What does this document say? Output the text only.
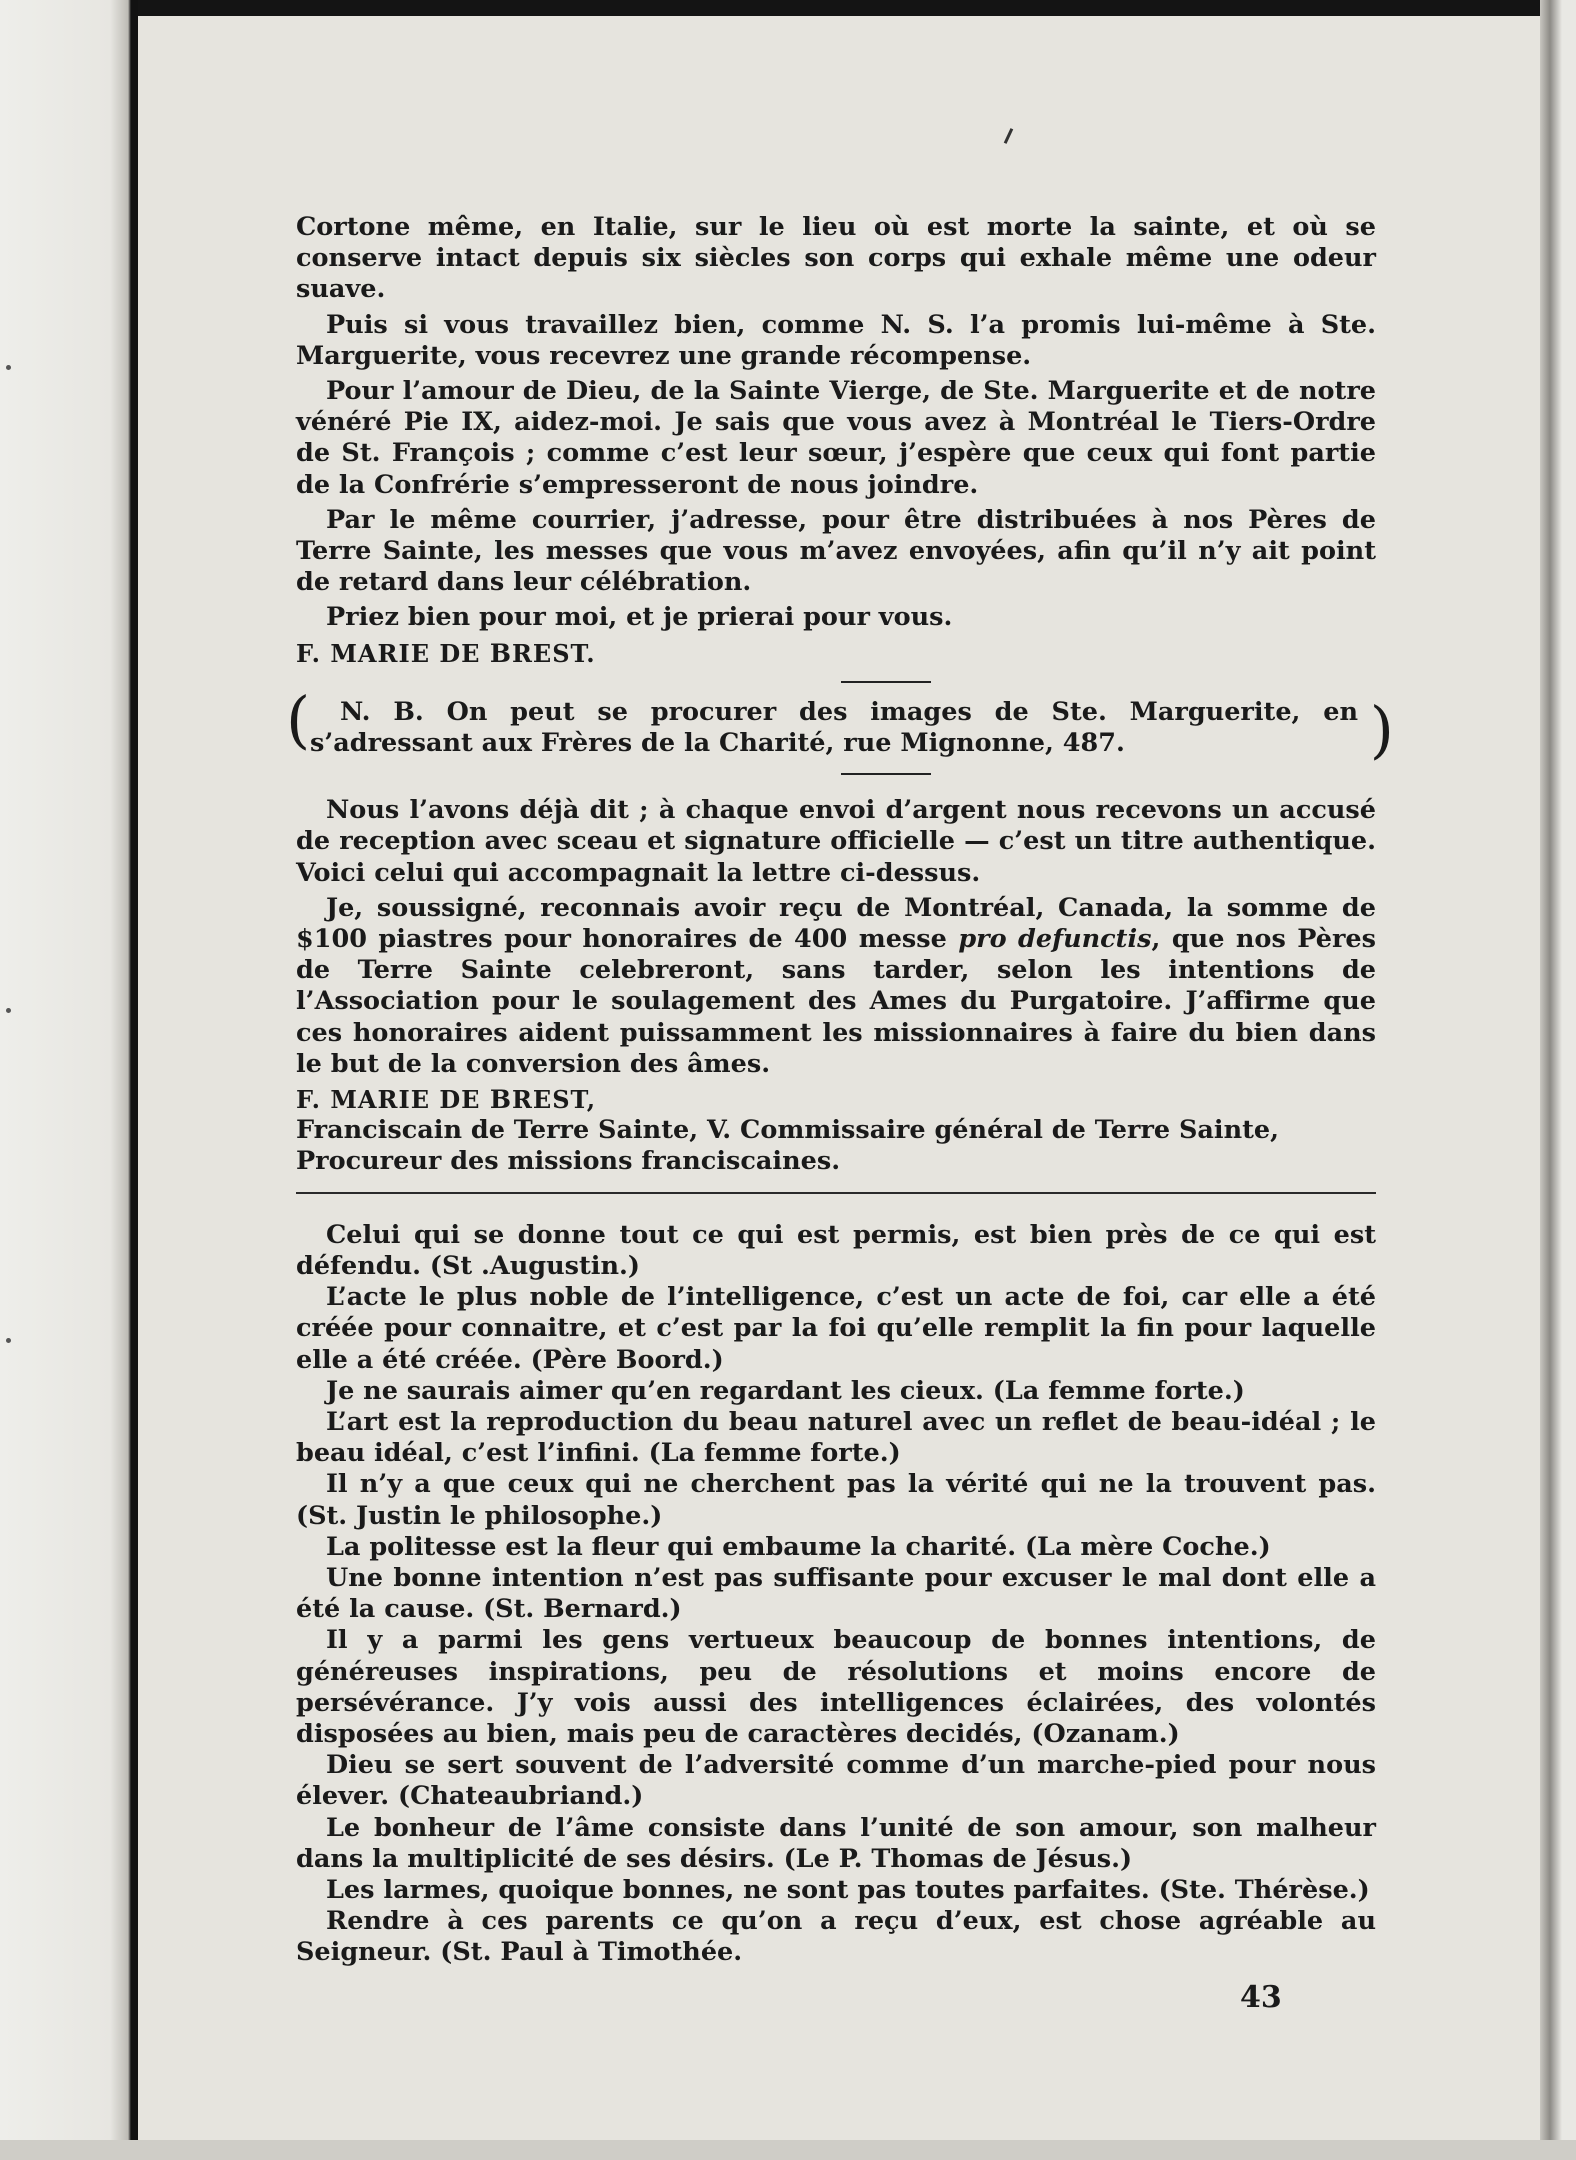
Cortone même, en Italie, sur le lieu où est morte la sainte, et où se conserve intact depuis six siècles son corps qui exhale même une odeur suave.

Puis si vous travaillez bien, comme N. S. l’a promis lui-même à Ste. Marguerite, vous recevrez une grande récompense.

Pour l’amour de Dieu, de la Sainte Vierge, de Ste. Marguerite et de notre vénéré Pie IX, aidez-moi. Je sais que vous avez à Montréal le Tiers-Ordre de St. François ; comme c’est leur sœur, j’espère que ceux qui font partie de la Confrérie s’empresseront de nous joindre.

Par le même courrier, j’adresse, pour être distribuées à nos Pères de Terre Sainte, les messes que vous m’avez envoyées, afin qu’il n’y ait point de retard dans leur célébration.

Priez bien pour moi, et je prierai pour vous.

F. MARIE DE BREST.

(	N. B. On peut se procurer des images de Ste. Marguerite, en s’adressant aux Frères de la Charité, rue Mignonne, 487.	)

Nous l’avons déjà dit ; à chaque envoi d’argent nous recevons un accusé de reception avec sceau et signature officielle — c’est un titre authentique. Voici celui qui accompagnait la lettre ci-dessus.

Je, soussigné, reconnais avoir reçu de Montréal, Canada, la somme de $100 piastres pour honoraires de 400 messe pro defunctis, que nos Pères de Terre Sainte celebreront, sans tarder, selon les intentions de l’Association pour le soulagement des Ames du Purgatoire. J’affirme que ces honoraires aident puissamment les missionnaires à faire du bien dans le but de la conversion des âmes.

F. MARIE DE BREST,

Franciscain de Terre Sainte, V. Commissaire général de Terre Sainte,

Procureur des missions franciscaines.

Celui qui se donne tout ce qui est permis, est bien près de ce qui est défendu. (St .Augustin.)

L’acte le plus noble de l’intelligence, c’est un acte de foi, car elle a été créée pour connaitre, et c’est par la foi qu’elle remplit la fin pour laquelle elle a été créée. (Père Boord.)

Je ne saurais aimer qu’en regardant les cieux. (La femme forte.)

L’art est la reproduction du beau naturel avec un reflet de beau-idéal ; le beau idéal, c’est l’infini. (La femme forte.)

Il n’y a que ceux qui ne cherchent pas la vérité qui ne la trouvent pas. (St. Justin le philosophe.)

La politesse est la fleur qui embaume la charité. (La mère Coche.)

Une bonne intention n’est pas suffisante pour excuser le mal dont elle a été la cause. (St. Bernard.)

Il y a parmi les gens vertueux beaucoup de bonnes intentions, de généreuses inspirations, peu de résolutions et moins encore de persévérance. J’y vois aussi des intelligences éclairées, des volontés disposées au bien, mais peu de caractères decidés, (Ozanam.)

Dieu se sert souvent de l’adversité comme d’un marche-pied pour nous élever. (Chateaubriand.)

Le bonheur de l’âme consiste dans l’unité de son amour, son malheur dans la multiplicité de ses désirs. (Le P. Thomas de Jésus.)

Les larmes, quoique bonnes, ne sont pas toutes parfaites. (Ste. Thérèse.)

Rendre à ces parents ce qu’on a reçu d’eux, est chose agréable au Seigneur. (St. Paul à Timothée.

43
